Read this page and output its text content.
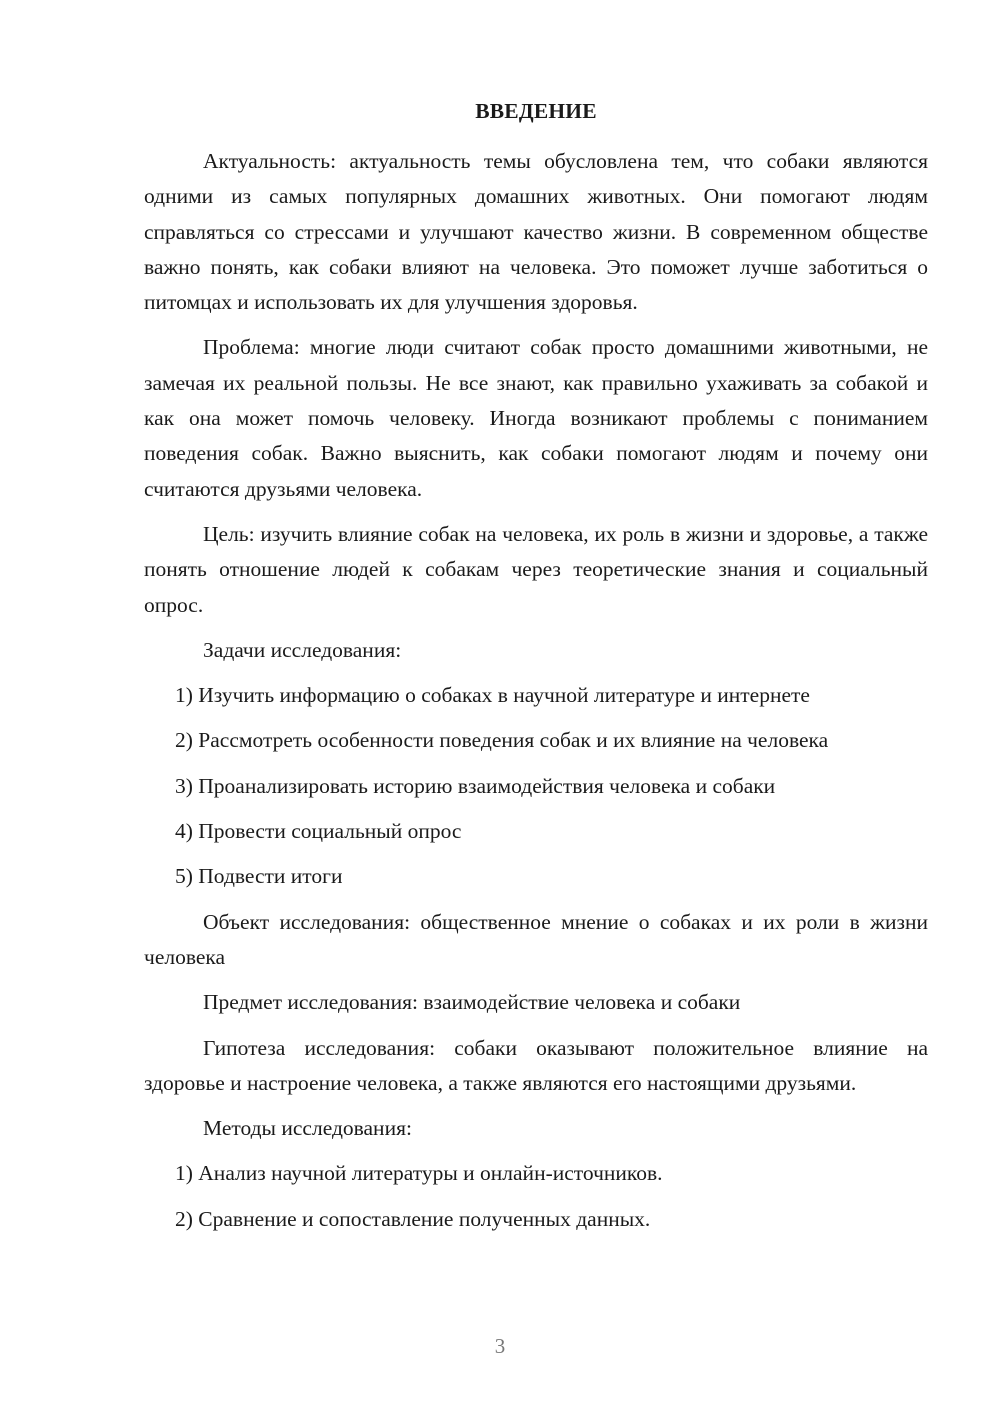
ВВЕДЕНИЕ
Актуальность: актуальность темы обусловлена тем, что собаки являются одними из самых популярных домашних животных. Они помогают людям справляться со стрессами и улучшают качество жизни. В современном обществе важно понять, как собаки влияют на человека. Это поможет лучше заботиться о питомцах и использовать их для улучшения здоровья.
Проблема: многие люди считают собак просто домашними животными, не замечая их реальной пользы. Не все знают, как правильно ухаживать за собакой и как она может помочь человеку. Иногда возникают проблемы с пониманием поведения собак. Важно выяснить, как собаки помогают людям и почему они считаются друзьями человека.
Цель: изучить влияние собак на человека, их роль в жизни и здоровье, а также понять отношение людей к собакам через теоретические знания и социальный опрос.
Задачи исследования:
1) Изучить информацию о собаках в научной литературе и интернете
2) Рассмотреть особенности поведения собак и их влияние на человека
3) Проанализировать историю взаимодействия человека и собаки
4) Провести социальный опрос
5) Подвести итоги
Объект исследования: общественное мнение о собаках и их роли в жизни человека
Предмет исследования: взаимодействие человека и собаки
Гипотеза исследования: собаки оказывают положительное влияние на здоровье и настроение человека, а также являются его настоящими друзьями.
Методы исследования:
1) Анализ научной литературы и онлайн-источников.
2) Сравнение и сопоставление полученных данных.
3
